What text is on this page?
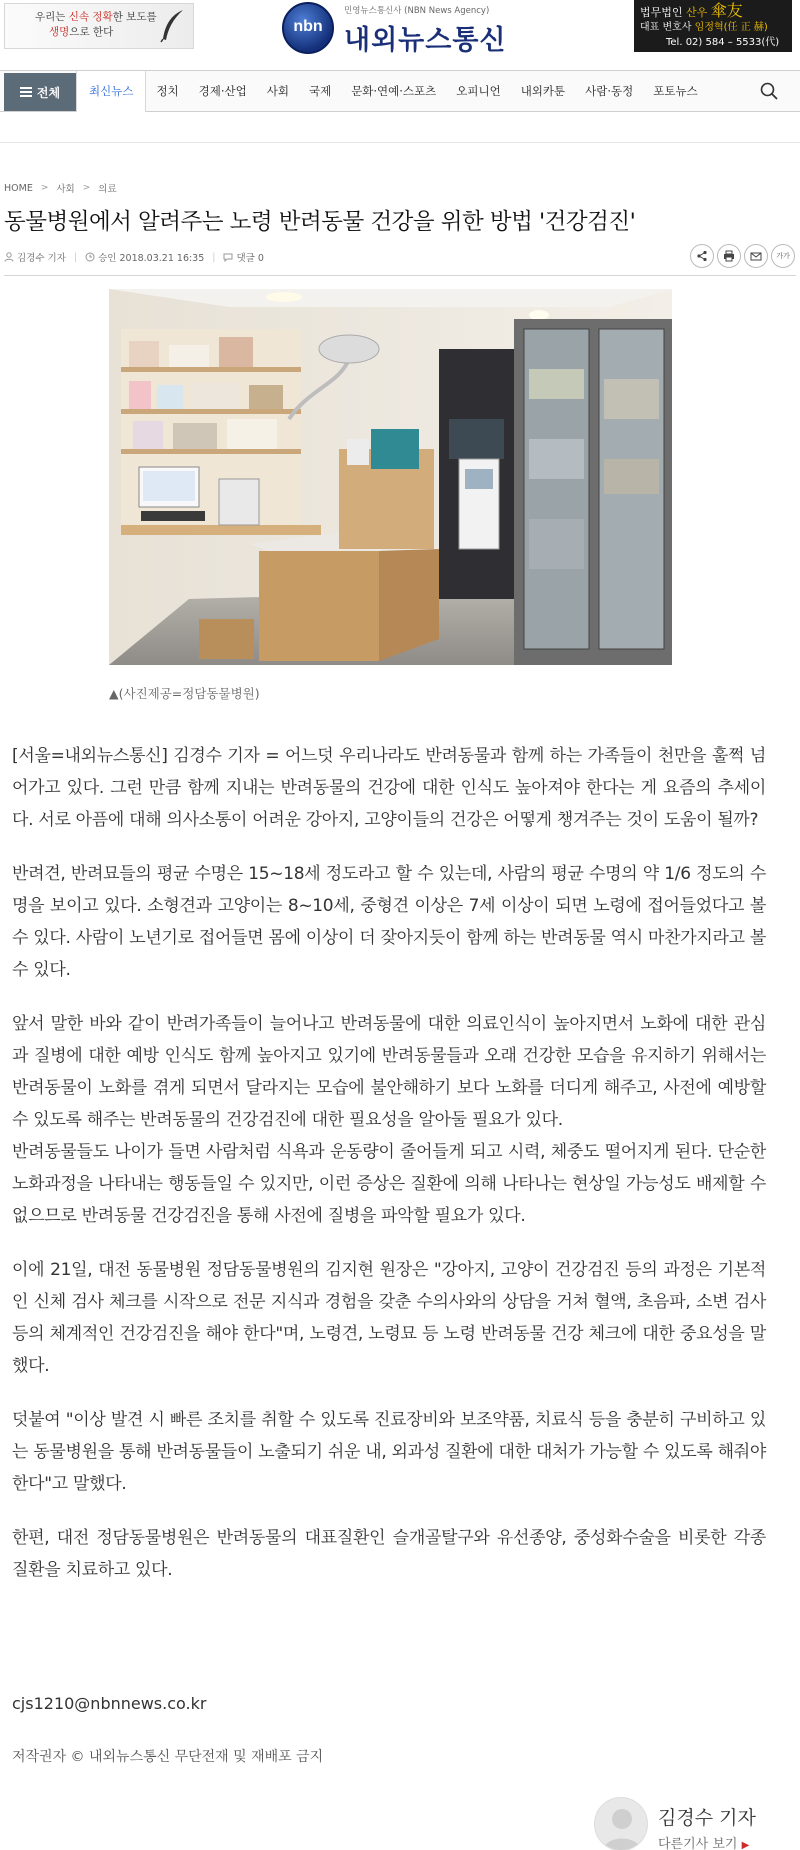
우리는 신속 정확한 보도를
생명으로 한다	nbn
민영뉴스통신사 (NBN News Agency)
내외뉴스통신
법무법인 산우 傘友
대표 변호사 임정혁(任 正 赫)
Tel. 02) 584 – 5533(代)
전체	최신뉴스	정치	경제·산업	사회	국제	문화·연예·스포츠	오피니언	내외카툰	사람·동정	포토뉴스
HOME > 사회 > 의료
동물병원에서 알려주는 노령 반려동물 건강을 위한 방법 '건강검진'
김경수 기자 | 승인 2018.03.21 16:35 | 댓글 0	가가
▲(사진제공=정담동물병원)

[서울=내외뉴스통신] 김경수 기자 = 어느덧 우리나라도 반려동물과 함께 하는 가족들이 천만을 훌쩍 넘어가고 있다. 그런 만큼 함께 지내는 반려동물의 건강에 대한 인식도 높아져야 한다는 게 요즘의 추세이다. 서로 아픔에 대해 의사소통이 어려운 강아지, 고양이들의 건강은 어떻게 챙겨주는 것이 도움이 될까?

반려견, 반려묘들의 평균 수명은 15~18세 정도라고 할 수 있는데, 사람의 평균 수명의 약 1/6 정도의 수명을 보이고 있다. 소형견과 고양이는 8~10세, 중형견 이상은 7세 이상이 되면 노령에 접어들었다고 볼 수 있다. 사람이 노년기로 접어들면 몸에 이상이 더 잦아지듯이 함께 하는 반려동물 역시 마찬가지라고 볼 수 있다.

앞서 말한 바와 같이 반려가족들이 늘어나고 반려동물에 대한 의료인식이 높아지면서 노화에 대한 관심과 질병에 대한 예방 인식도 함께 높아지고 있기에 반려동물들과 오래 건강한 모습을 유지하기 위해서는 반려동물이 노화를 겪게 되면서 달라지는 모습에 불안해하기 보다 노화를 더디게 해주고, 사전에 예방할 수 있도록 해주는 반려동물의 건강검진에 대한 필요성을 알아둘 필요가 있다.

반려동물들도 나이가 들면 사람처럼 식욕과 운동량이 줄어들게 되고 시력, 체중도 떨어지게 된다. 단순한 노화과정을 나타내는 행동들일 수 있지만, 이런 증상은 질환에 의해 나타나는 현상일 가능성도 배제할 수 없으므로 반려동물 건강검진을 통해 사전에 질병을 파악할 필요가 있다.

이에 21일, 대전 동물병원 정담동물병원의 김지현 원장은 "강아지, 고양이 건강검진 등의 과정은 기본적인 신체 검사 체크를 시작으로 전문 지식과 경험을 갖춘 수의사와의 상담을 거쳐 혈액, 초음파, 소변 검사 등의 체계적인 건강검진을 해야 한다"며, 노령견, 노령묘 등 노령 반려동물 건강 체크에 대한 중요성을 말했다.

덧붙여 "이상 발견 시 빠른 조치를 취할 수 있도록 진료장비와 보조약품, 치료식 등을 충분히 구비하고 있는 동물병원을 통해 반려동물들이 노출되기 쉬운 내, 외과성 질환에 대한 대처가 가능할 수 있도록 해줘야 한다"고 말했다.

한편, 대전 정담동물병원은 반려동물의 대표질환인 슬개골탈구와 유선종양, 중성화수술을 비롯한 각종 질환을 치료하고 있다.

cjs1210@nbnnews.co.kr
저작권자 © 내외뉴스통신 무단전재 및 재배포 금지
김경수 기자
다른기사 보기 ▶
